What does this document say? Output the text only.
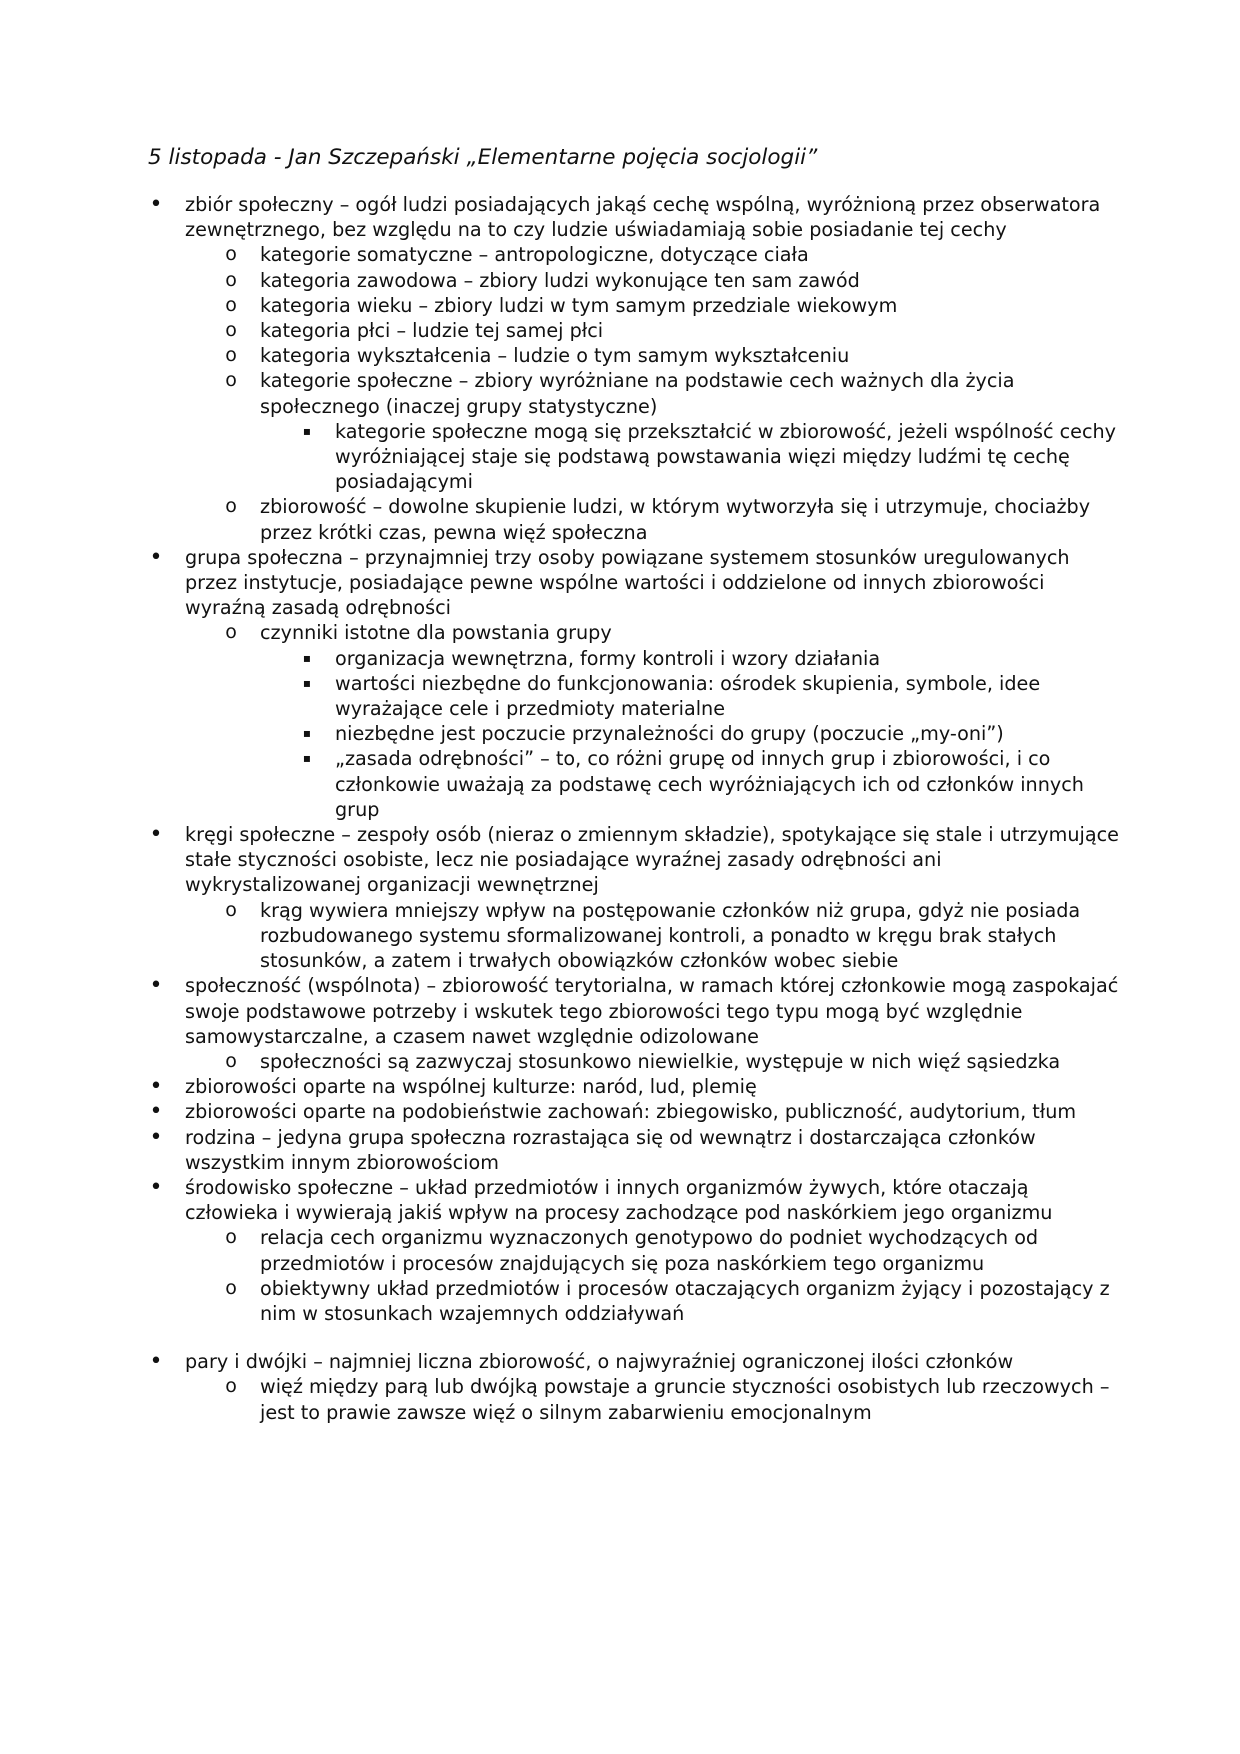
5 listopada - Jan Szczepański „Elementarne pojęcia socjologii”
• zbiór społeczny – ogół ludzi posiadających jakąś cechę wspólną, wyróżnioną przez obserwatora zewnętrznego, bez względu na to czy ludzie uświadamiają sobie posiadanie tej cechy
o kategorie somatyczne – antropologiczne, dotyczące ciała
o kategoria zawodowa – zbiory ludzi wykonujące ten sam zawód
o kategoria wieku – zbiory ludzi w tym samym przedziale wiekowym
o kategoria płci – ludzie tej samej płci
o kategoria wykształcenia – ludzie o tym samym wykształceniu
o kategorie społeczne – zbiory wyróżniane na podstawie cech ważnych dla życia społecznego (inaczej grupy statystyczne)
▪	kategorie społeczne mogą się przekształcić w zbiorowość, jeżeli wspólność cechy wyróżniającej staje się podstawą powstawania więzi między ludźmi tę cechę posiadającymi
o zbiorowość – dowolne skupienie ludzi, w którym wytworzyła się i utrzymuje, chociażby przez krótki czas, pewna więź społeczna
• grupa społeczna – przynajmniej trzy osoby powiązane systemem stosunków uregulowanych przez instytucje, posiadające pewne wspólne wartości i oddzielone od innych zbiorowości wyraźną zasadą odrębności
o czynniki istotne dla powstania grupy
▪	organizacja wewnętrzna, formy kontroli i wzory działania
▪	wartości niezbędne do funkcjonowania: ośrodek skupienia, symbole, idee wyrażające cele i przedmioty materialne
▪	niezbędne jest poczucie przynależności do grupy (poczucie „my-oni”)
▪	„zasada odrębności” – to, co różni grupę od innych grup i zbiorowości, i co członkowie uważają za podstawę cech wyróżniających ich od członków innych grup
• kręgi społeczne – zespoły osób (nieraz o zmiennym składzie), spotykające się stale i utrzymujące stałe styczności osobiste, lecz nie posiadające wyraźnej zasady odrębności ani wykrystalizowanej organizacji wewnętrznej
o krąg wywiera mniejszy wpływ na postępowanie członków niż grupa, gdyż nie posiada rozbudowanego systemu sformalizowanej kontroli, a ponadto w kręgu brak stałych stosunków, a zatem i trwałych obowiązków członków wobec siebie
• społeczność (wspólnota) – zbiorowość terytorialna, w ramach której członkowie mogą zaspokajać swoje podstawowe potrzeby i wskutek tego zbiorowości tego typu mogą być względnie samowystarczalne, a czasem nawet względnie odizolowane
o społeczności są zazwyczaj stosunkowo niewielkie, występuje w nich więź sąsiedzka
• zbiorowości oparte na wspólnej kulturze: naród, lud, plemię
• zbiorowości oparte na podobieństwie zachowań: zbiegowisko, publiczność, audytorium, tłum
• rodzina – jedyna grupa społeczna rozrastająca się od wewnątrz i dostarczająca członków wszystkim innym zbiorowościom
• środowisko społeczne – układ przedmiotów i innych organizmów żywych, które otaczają człowieka i wywierają jakiś wpływ na procesy zachodzące pod naskórkiem jego organizmu
o relacja cech organizmu wyznaczonych genotypowo do podniet wychodzących od przedmiotów i procesów znajdujących się poza naskórkiem tego organizmu
o obiektywny układ przedmiotów i procesów otaczających organizm żyjący i pozostający z nim w stosunkach wzajemnych oddziaływań
• pary i dwójki – najmniej liczna zbiorowość, o najwyraźniej ograniczonej ilości członków
o więź między parą lub dwójką powstaje a gruncie styczności osobistych lub rzeczowych – jest to prawie zawsze więź o silnym zabarwieniu emocjonalnym
